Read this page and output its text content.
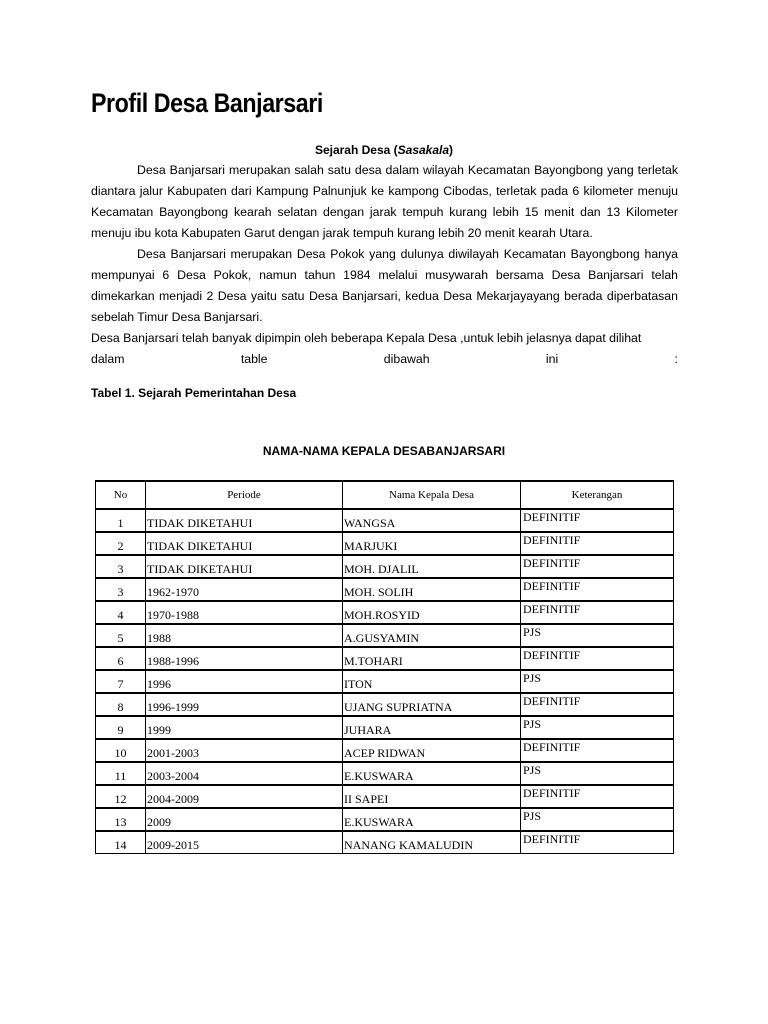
Profil Desa Banjarsari
Sejarah Desa (Sasakala)

Desa Banjarsari merupakan salah satu desa dalam wilayah Kecamatan Bayongbong yang terletak diantara jalur Kabupaten dari Kampung Palnunjuk ke kampong Cibodas, terletak pada 6 kilometer menuju Kecamatan Bayongbong kearah selatan dengan jarak tempuh kurang lebih 15 menit dan 13 Kilometer menuju ibu kota Kabupaten Garut dengan jarak tempuh kurang lebih 20 menit kearah Utara.

Desa Banjarsari merupakan Desa Pokok yang dulunya diwilayah Kecamatan Bayongbong hanya mempunyai 6 Desa Pokok, namun tahun 1984 melalui musywarah bersama Desa Banjarsari telah dimekarkan menjadi 2 Desa yaitu satu Desa Banjarsari, kedua Desa Mekarjayayang berada diperbatasan sebelah Timur Desa Banjarsari.

Desa Banjarsari telah banyak dipimpin oleh beberapa Kepala Desa ,untuk lebih jelasnya dapat dilihat

dalam	table	dibawah	ini	:
Tabel 1. Sejarah Pemerintahan Desa
NAMA-NAMA KEPALA DESABANJARSARI
No	Periode	Nama Kepala Desa	Keterangan
1	TIDAK DIKETAHUI	WANGSA	DEFINITIF
2	TIDAK DIKETAHUI	MARJUKI	DEFINITIF
3	TIDAK DIKETAHUI	MOH. DJALIL	DEFINITIF
3	1962-1970	MOH. SOLIH	DEFINITIF
4	1970-1988	MOH.ROSYID	DEFINITIF
5	1988	A.GUSYAMIN	PJS
6	1988-1996	M.TOHARI	DEFINITIF
7	1996	ITON	PJS
8	1996-1999	UJANG SUPRIATNA	DEFINITIF
9	1999	JUHARA	PJS
10	2001-2003	ACEP RIDWAN	DEFINITIF
11	2003-2004	E.KUSWARA	PJS
12	2004-2009	II SAPEI	DEFINITIF
13	2009	E.KUSWARA	PJS
14	2009-2015	NANANG KAMALUDIN	DEFINITIF
